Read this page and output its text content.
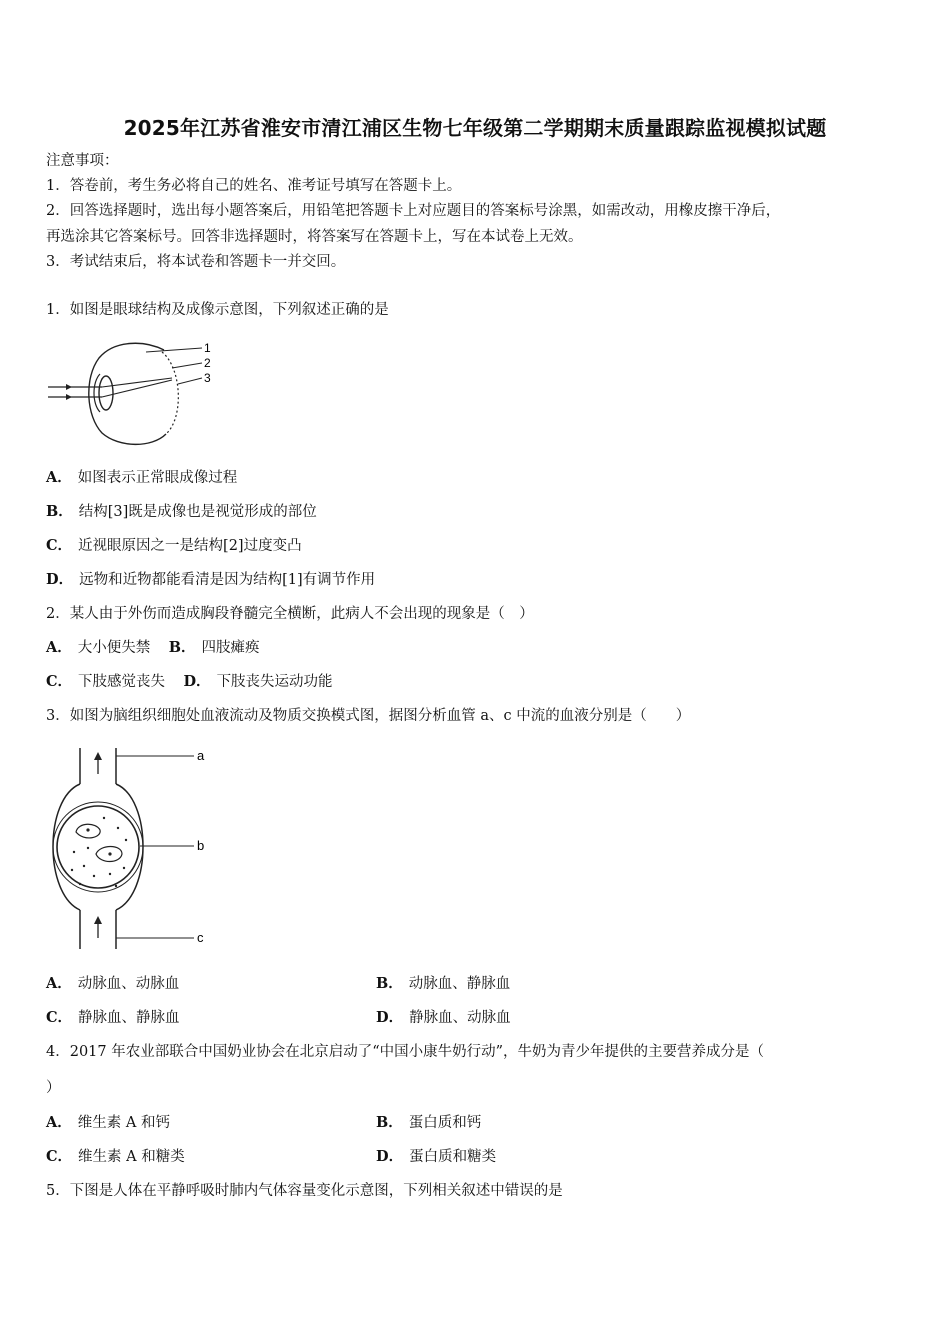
2025年江苏省淮安市清江浦区生物七年级第二学期期末质量跟踪监视模拟试题
注意事项：
1．答卷前，考生务必将自己的姓名、准考证号填写在答题卡上。
2．回答选择题时，选出每小题答案后，用铅笔把答题卡上对应题目的答案标号涂黑，如需改动，用橡皮擦干净后，
再选涂其它答案标号。回答非选择题时，将答案写在答题卡上，写在本试卷上无效。
3．考试结束后，将本试卷和答题卡一并交回。
1．如图是眼球结构及成像示意图，下列叙述正确的是
1
2
3
A． 如图表示正常眼成像过程
B． 结构[3]既是成像也是视觉形成的部位
C． 近视眼原因之一是结构[2]过度变凸
D． 远物和近物都能看清是因为结构[1]有调节作用
2．某人由于外伤而造成胸段脊髓完全横断，此病人不会出现的现象是（　）
A． 大小便失禁 B． 四肢瘫痪
C． 下肢感觉丧失 D． 下肢丧失运动功能
3．如图为脑组织细胞处血液流动及物质交换模式图，据图分析血管 a、c 中流的血液分别是（　　）
a
b
c
A． 动脉血、动脉血	B． 动脉血、静脉血
C． 静脉血、静脉血	D． 静脉血、动脉血
4．2017 年农业部联合中国奶业协会在北京启动了“中国小康牛奶行动”，牛奶为青少年提供的主要营养成分是（
）
A． 维生素 A 和钙	B． 蛋白质和钙
C． 维生素 A 和糖类	D． 蛋白质和糖类
5．下图是人体在平静呼吸时肺内气体容量变化示意图，下列相关叙述中错误的是
